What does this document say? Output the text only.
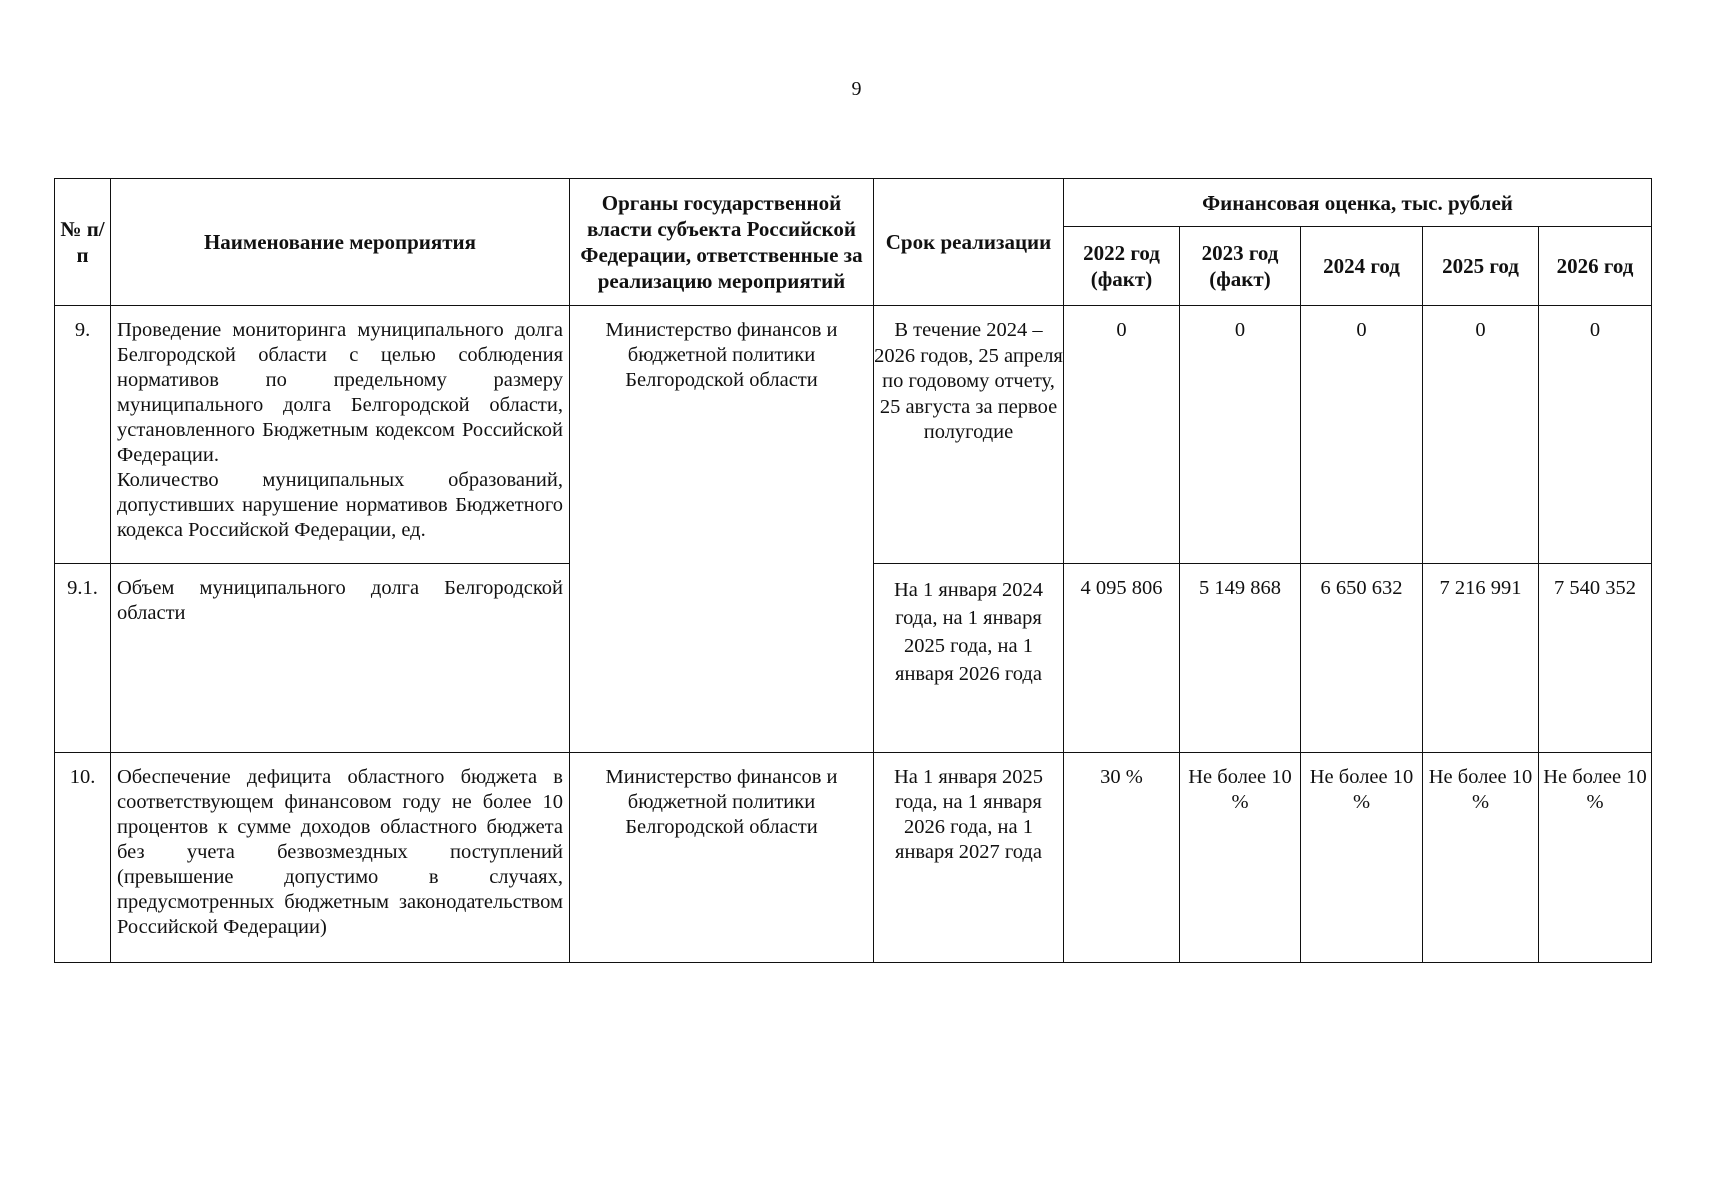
9
№ п/п	Наименование мероприятия	Органы государственной власти субъекта Российской Федерации, ответственные за реализацию мероприятий	Срок реализации	Финансовая оценка, тыс. рублей				
				2022 год (факт)	2023 год (факт)	2024 год	2025 год	2026 год
9.	Проведение мониторинга муниципального долга Белгородской области с целью соблюдения нормативов по предельному размеру муниципального долга Белгородской области, установленного Бюджетным кодексом Российской Федерации.
Количество муниципальных образований, допустивших нарушение нормативов Бюджетного кодекса Российской Федерации, ед.	Министерство финансов и бюджетной политики Белгородской области	В течение 2024 – 2026 годов, 25 апреля по годовому отчету, 25 августа за первое полугодие	0	0	0	0	0
9.1.	Объем муниципального долга Белгородской области		На 1 января 2024 года, на 1 января 2025 года, на 1 января 2026 года	4 095 806	5 149 868	6 650 632	7 216 991	7 540 352
10.	Обеспечение дефицита областного бюджета в соответствующем финансовом году не более 10 процентов к сумме доходов областного бюджета без учета безвозмездных поступлений (превышение допустимо в случаях, предусмотренных бюджетным законодательством Российской Федерации)	Министерство финансов и бюджетной политики Белгородской области	На 1 января 2025 года, на 1 января 2026 года, на 1 января 2027 года	30 %	Не более 10 %	Не более 10 %	Не более 10 %	Не более 10 %
